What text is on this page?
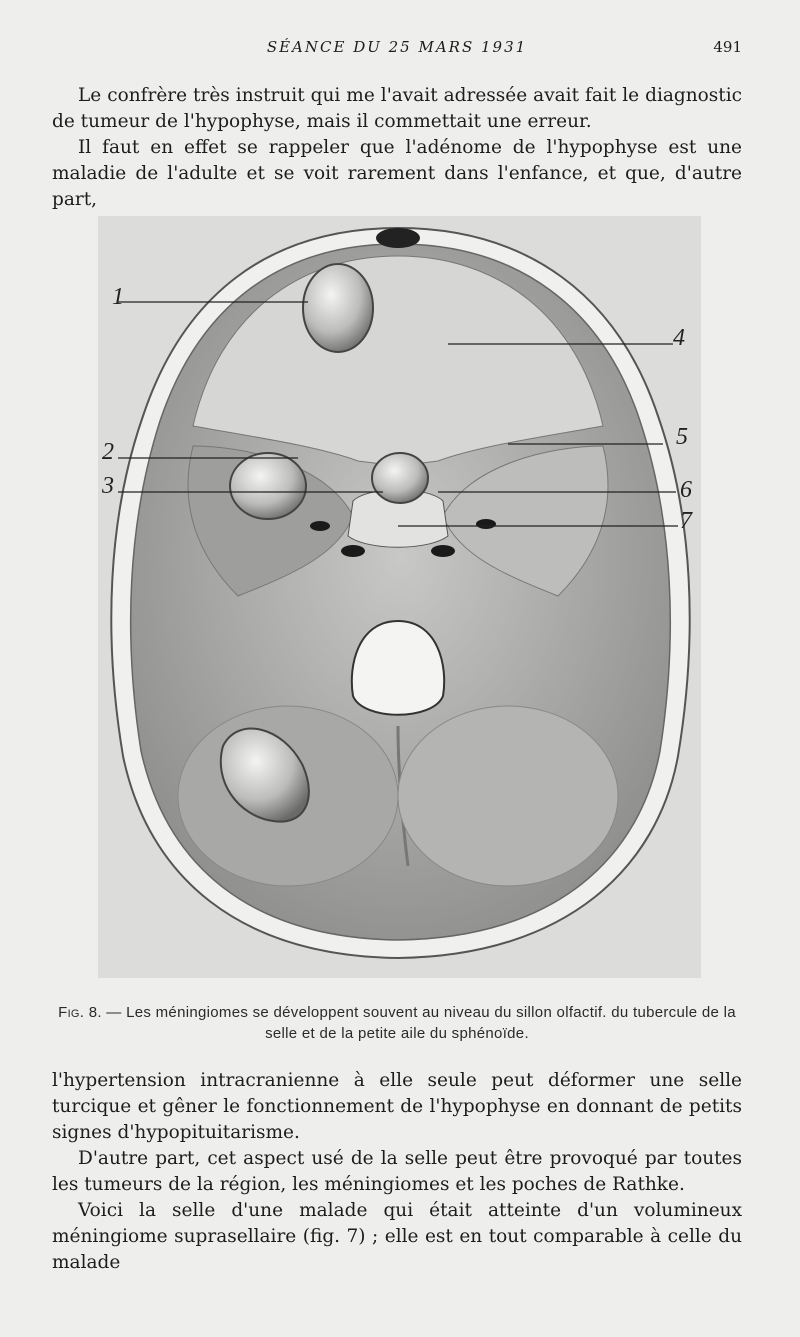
SÉANCE DU 25 MARS 1931	491
Le confrère très instruit qui me l'avait adressée avait fait le diagnostic de tumeur de l'hypophyse, mais il commettait une erreur.
Il faut en effet se rappeler que l'adénome de l'hypophyse est une maladie de l'adulte et se voit rarement dans l'enfance, et que, d'autre part,
1
2
3
4
5
6
7
Fig. 8. — Les méningiomes se développent souvent au niveau du sillon olfactif. du tubercule de la selle et de la petite aile du sphénoïde.
l'hypertension intracranienne à elle seule peut déformer une selle turcique et gêner le fonctionnement de l'hypophyse en donnant de petits signes d'hypopituitarisme.
D'autre part, cet aspect usé de la selle peut être provoqué par toutes les tumeurs de la région, les méningiomes et les poches de Rathke.
Voici la selle d'une malade qui était atteinte d'un volumineux méningiome suprasellaire (fig. 7) ; elle est en tout comparable à celle du malade
